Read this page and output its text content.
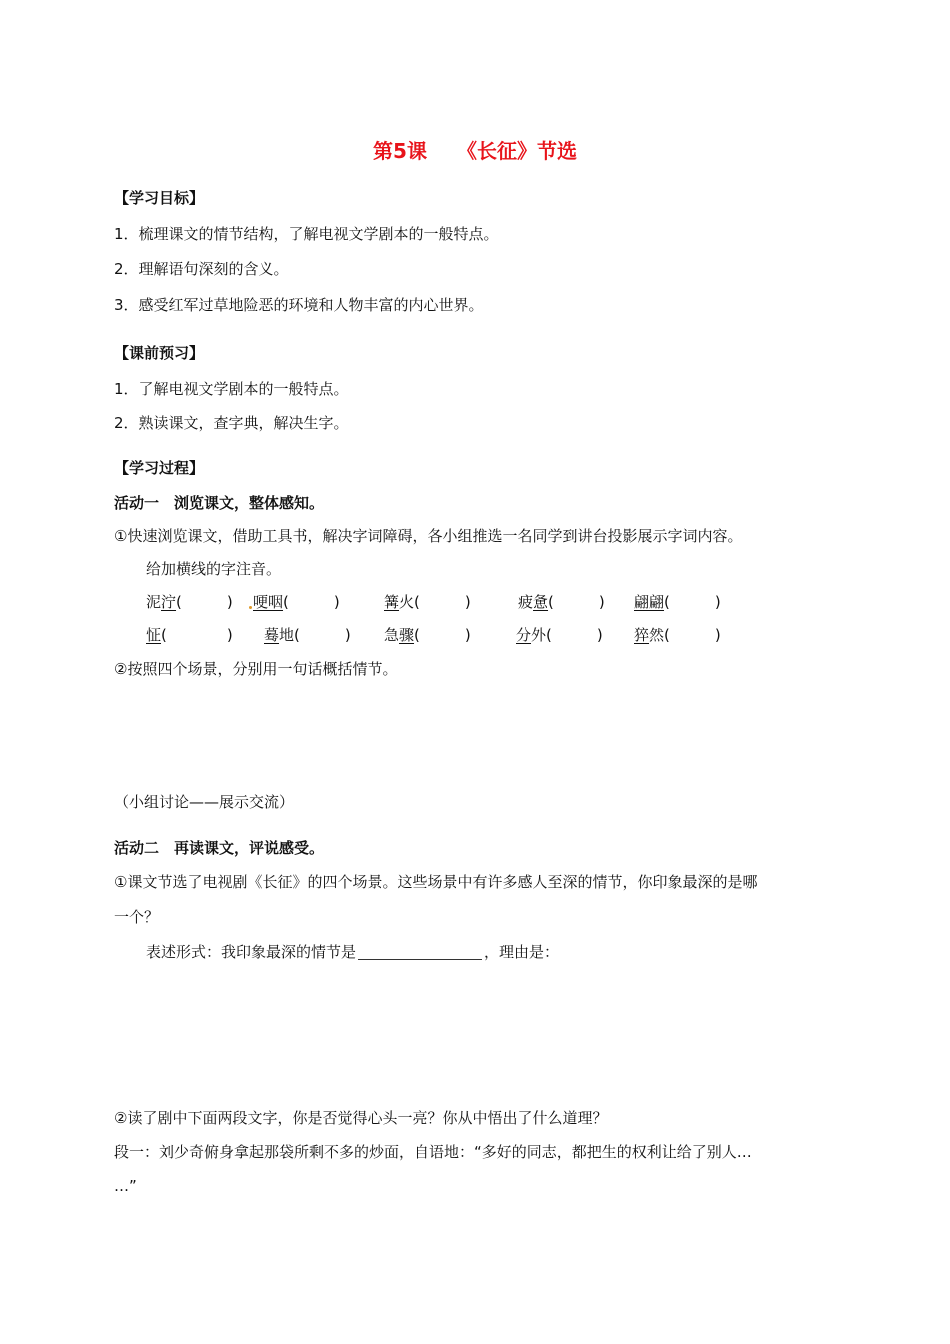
第5课 《长征》节选
【学习目标】
1．梳理课文的情节结构，了解电视文学剧本的一般特点。
2．理解语句深刻的含义。
3．感受红军过草地险恶的环境和人物丰富的内心世界。
【课前预习】
1．了解电视文学剧本的一般特点。
2．熟读课文，查字典，解决生字。
【学习过程】
活动一　浏览课文，整体感知。
①快速浏览课文，借助工具书，解决字词障碍，各小组推选一名同学到讲台投影展示字词内容。
给加横线的字注音。
泥泞(　　　)	哽咽(　　　)	篝火(　　　)	疲惫(　　　) 翩翩(　　　)
怔(　　　　) 蓦地(　　　) 急骤(　　　)	分外(　　　) 猝然(　　　)
②按照四个场景，分别用一句话概括情节。
（小组讨论——展示交流）
活动二　再读课文，评说感受。
①课文节选了电视剧《长征》的四个场景。这些场景中有许多感人至深的情节，你印象最深的是哪
一个？
表述形式：我印象最深的情节是	，理由是：
②读了剧中下面两段文字，你是否觉得心头一亮？你从中悟出了什么道理？
段一：刘少奇俯身拿起那袋所剩不多的炒面，自语地：“多好的同志，都把生的权利让给了别人…
…”
